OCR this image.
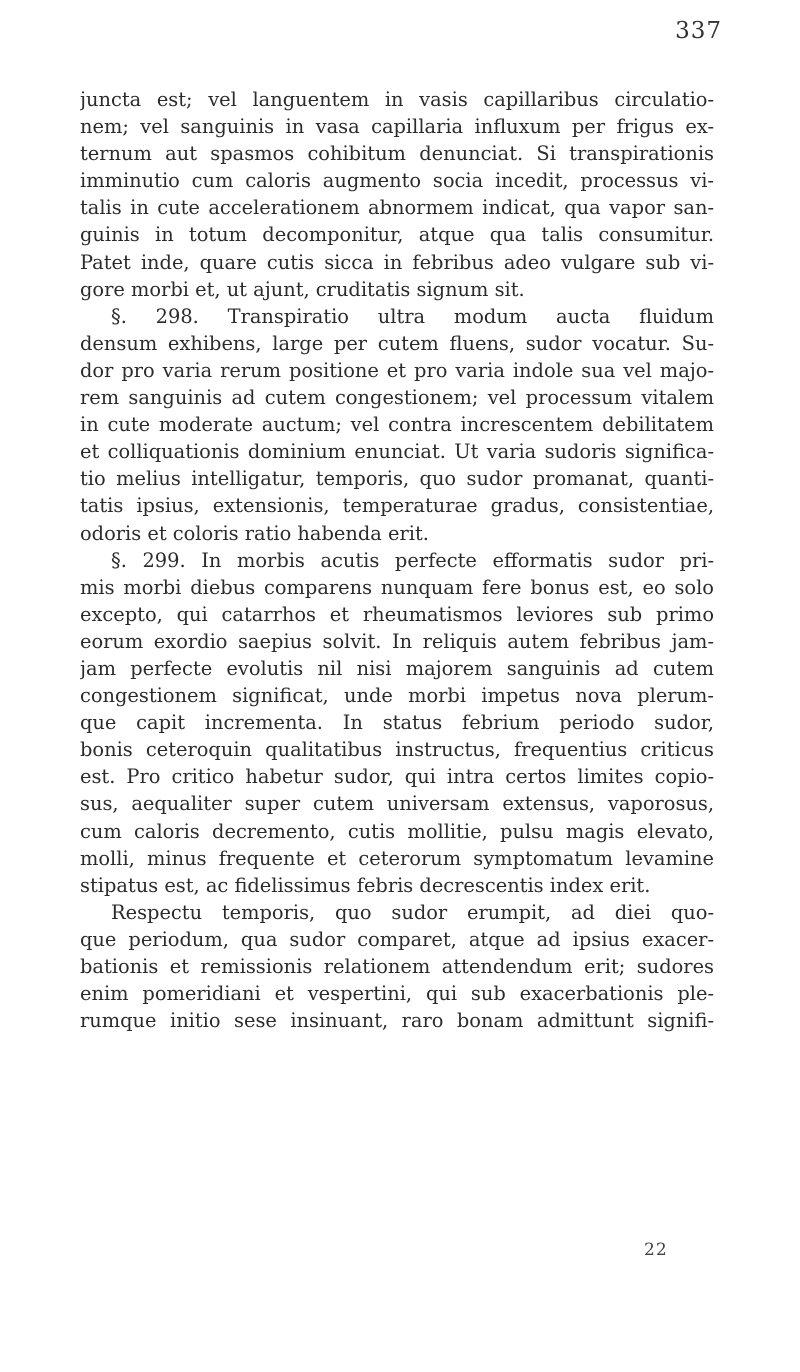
337
juncta est; vel languentem in vasis capillaribus circulatio-
nem; vel sanguinis in vasa capillaria influxum per frigus ex-
ternum aut spasmos cohibitum denunciat. Si transpirationis
imminutio cum caloris augmento socia incedit, processus vi-
talis in cute accelerationem abnormem indicat, qua vapor san-
guinis in totum decomponitur, atque qua talis consumitur.
Patet inde, quare cutis sicca in febribus adeo vulgare sub vi-
gore morbi et, ut ajunt, cruditatis signum sit.
§. 298. Transpiratio ultra modum aucta fluidum
densum exhibens, large per cutem fluens, sudor vocatur. Su-
dor pro varia rerum positione et pro varia indole sua vel majo-
rem sanguinis ad cutem congestionem; vel processum vitalem
in cute moderate auctum; vel contra increscentem debilitatem
et colliquationis dominium enunciat. Ut varia sudoris significa-
tio melius intelligatur, temporis, quo sudor promanat, quanti-
tatis ipsius, extensionis, temperaturae gradus, consistentiae,
odoris et coloris ratio habenda erit.
§. 299. In morbis acutis perfecte efformatis sudor pri-
mis morbi diebus comparens nunquam fere bonus est, eo solo
excepto, qui catarrhos et rheumatismos leviores sub primo
eorum exordio saepius solvit. In reliquis autem febribus jam-
jam perfecte evolutis nil nisi majorem sanguinis ad cutem
congestionem significat, unde morbi impetus nova plerum-
que capit incrementa. In status febrium periodo sudor,
bonis ceteroquin qualitatibus instructus, frequentius criticus
est. Pro critico habetur sudor, qui intra certos limites copio-
sus, aequaliter super cutem universam extensus, vaporosus,
cum caloris decremento, cutis mollitie, pulsu magis elevato,
molli, minus frequente et ceterorum symptomatum levamine
stipatus est, ac fidelissimus febris decrescentis index erit.
Respectu temporis, quo sudor erumpit, ad diei quo-
que periodum, qua sudor comparet, atque ad ipsius exacer-
bationis et remissionis relationem attendendum erit; sudores
enim pomeridiani et vespertini, qui sub exacerbationis ple-
rumque initio sese insinuant, raro bonam admittunt signifi-
22
